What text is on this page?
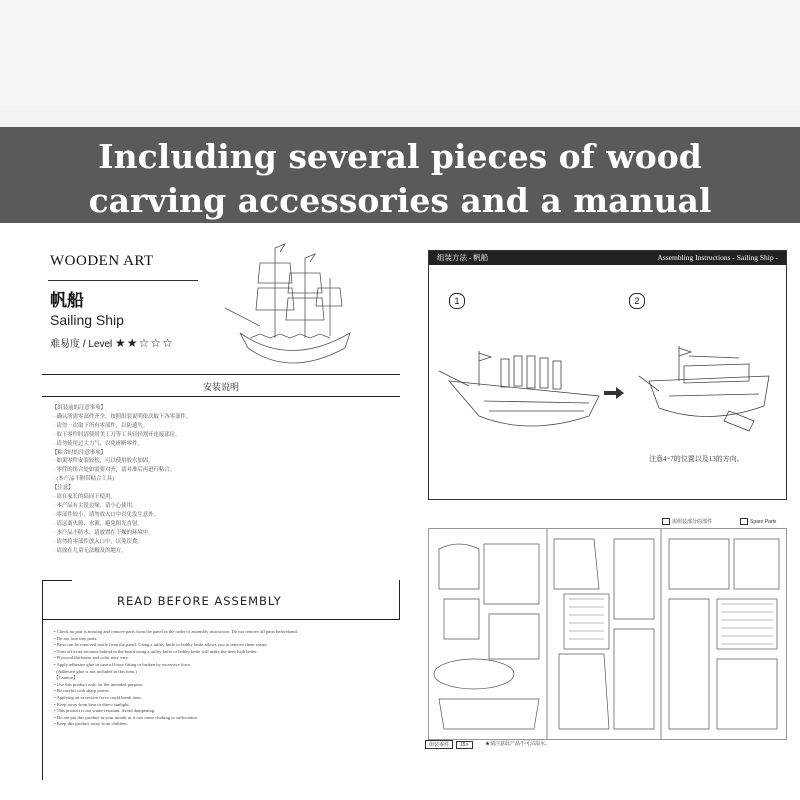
Including several pieces of wood
carving accessories and a manual
WOODEN ART
帆船
Sailing Ship
难易度 / Level ★★☆☆☆
安装说明
【组装前的注意事项】
· 确认所需零部件齐全，按照组装说明依次取下各零部件。
· 请勿一次取下所有零部件，以防遗失。
· 取下零件时请使用美工刀等工具轻轻割开连接部位。
· 请勿使用过大力气，以免折断零件。
【粘合时的注意事项】
· 如果零件安装较松，可以使用胶水加固。
· 零件的组合处如需要对齐，请对准后再进行粘合。
· (本产品不附带粘合工具)
【注意】
· 请在家长的陪同下使用。
· 本产品有尖锐边缘，请小心使用。
· 零部件较小，请勿放入口中以免发生意外。
· 请远离火源、水源，避免阳光直射。
· 本产品不防水，请放置在干燥的环境中。
· 请勿将零部件放入口中，以免误食。
· 请放在儿童无法触及的地方。
READ BEFORE ASSEMBLY
• Check no part is missing and remove parts from the panel in the order of assembly instruction. Do not remove all parts beforehand.
• Do not lose tiny parts.
• Parts can be removed easily from the panel. Using a utility knife or hobby knife allows you to remove them easier.
• Trim off extra sections behind in the board using a utility knife or hobby knife will make the item look better.
• Plywood thickness and color may vary.
• Apply adhesive glue in case of loose fitting or broken by excessive force.
(Adhesive glue is not included in this item.)
【Caution】
• Use this product only for the intended purpose.
• Be careful with sharp points.
• Applying an excessive force could break item.
• Keep away from heat or direct sunlight.
• This product is not water-resistant. Avoid dampening.
• Do not put this product in your mouth as it can cause choking or suffocation.
• Keep this product away from children.
组装方法 - 帆船	Assembling Instructions - Sailing Ship -
1	2
注意4~7的位置以及13的方向。
需组装部分的部件	Spare Parts
组装零件 15>	★请注意此产品不可沾湿水。
